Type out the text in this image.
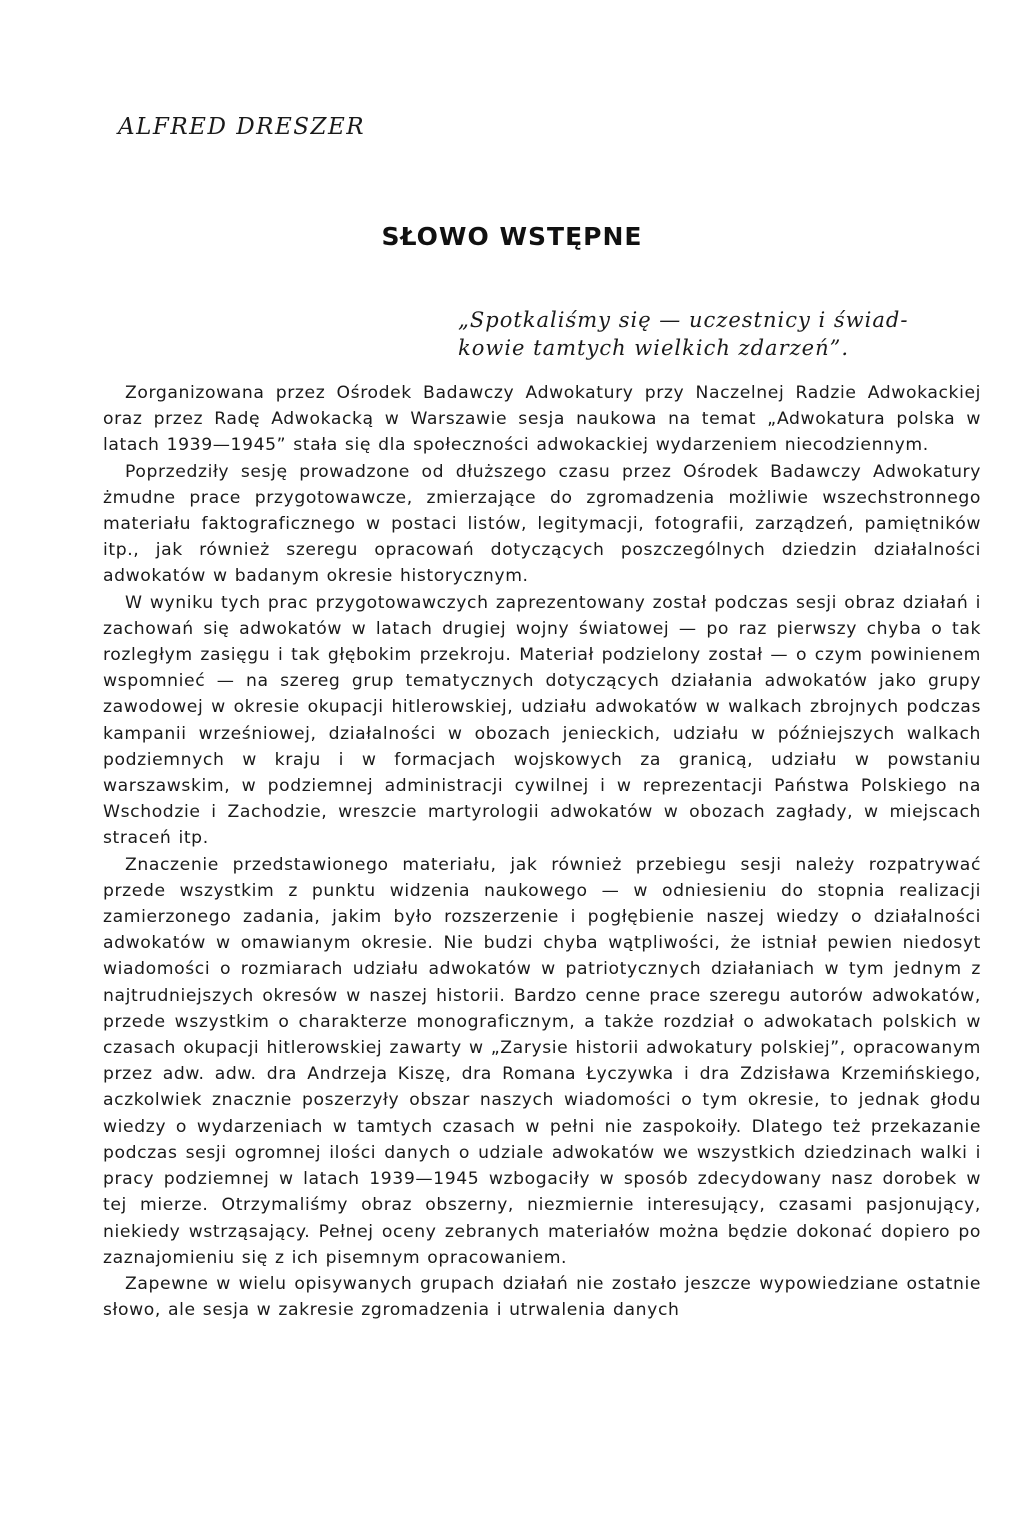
ALFRED DRESZER
SŁOWO WSTĘPNE
„Spotkaliśmy się — uczestnicy i świad-
kowie tamtych wielkich zdarzeń”.

Zorganizowana przez Ośrodek Badawczy Adwokatury przy Naczelnej Radzie Adwokackiej oraz przez Radę Adwokacką w Warszawie sesja naukowa na temat „Adwokatura polska w latach 1939—1945” stała się dla społeczności adwokackiej wydarzeniem niecodziennym.

Poprzedziły sesję prowadzone od dłuższego czasu przez Ośrodek Badawczy Adwokatury żmudne prace przygotowawcze, zmierzające do zgromadzenia możliwie wszechstronnego materiału faktograficznego w postaci listów, legitymacji, fotografii, zarządzeń, pamiętników itp., jak również szeregu opracowań dotyczących poszczególnych dziedzin działalności adwokatów w badanym okresie historycznym.

W wyniku tych prac przygotowawczych zaprezentowany został podczas sesji obraz działań i zachowań się adwokatów w latach drugiej wojny światowej — po raz pierwszy chyba o tak rozległym zasięgu i tak głębokim przekroju. Materiał podzielony został — o czym powinienem wspomnieć — na szereg grup tematycznych dotyczących działania adwokatów jako grupy zawodowej w okresie okupacji hitlerowskiej, udziału adwokatów w walkach zbrojnych podczas kampanii wrześniowej, działalności w obozach jenieckich, udziału w późniejszych walkach podziemnych w kraju i w formacjach wojskowych za granicą, udziału w powstaniu warszawskim, w podziemnej administracji cywilnej i w reprezentacji Państwa Polskiego na Wschodzie i Zachodzie, wreszcie martyrologii adwokatów w obozach zagłady, w miejscach straceń itp.

Znaczenie przedstawionego materiału, jak również przebiegu sesji należy rozpatrywać przede wszystkim z punktu widzenia naukowego — w odniesieniu do stopnia realizacji zamierzonego zadania, jakim było rozszerzenie i pogłębienie naszej wiedzy o działalności adwokatów w omawianym okresie. Nie budzi chyba wątpliwości, że istniał pewien niedosyt wiadomości o rozmiarach udziału adwokatów w patriotycznych działaniach w tym jednym z najtrudniejszych okresów w naszej historii. Bardzo cenne prace szeregu autorów adwokatów, przede wszystkim o charakterze monograficznym, a także rozdział o adwokatach polskich w czasach okupacji hitlerowskiej zawarty w „Zarysie historii adwokatury polskiej”, opracowanym przez adw. adw. dra Andrzeja Kiszę, dra Romana Łyczywka i dra Zdzisława Krzemińskiego, aczkolwiek znacznie poszerzyły obszar naszych wiadomości o tym okresie, to jednak głodu wiedzy o wydarzeniach w tamtych czasach w pełni nie zaspokoiły. Dlatego też przekazanie podczas sesji ogromnej ilości danych o udziale adwokatów we wszystkich dziedzinach walki i pracy podziemnej w latach 1939—1945 wzbogaciły w sposób zdecydowany nasz dorobek w tej mierze. Otrzymaliśmy obraz obszerny, niezmiernie interesujący, czasami pasjonujący, niekiedy wstrząsający. Pełnej oceny zebranych materiałów można będzie dokonać dopiero po zaznajomieniu się z ich pisemnym opracowaniem.

Zapewne w wielu opisywanych grupach działań nie zostało jeszcze wypowiedziane ostatnie słowo, ale sesja w zakresie zgromadzenia i utrwalenia danych
